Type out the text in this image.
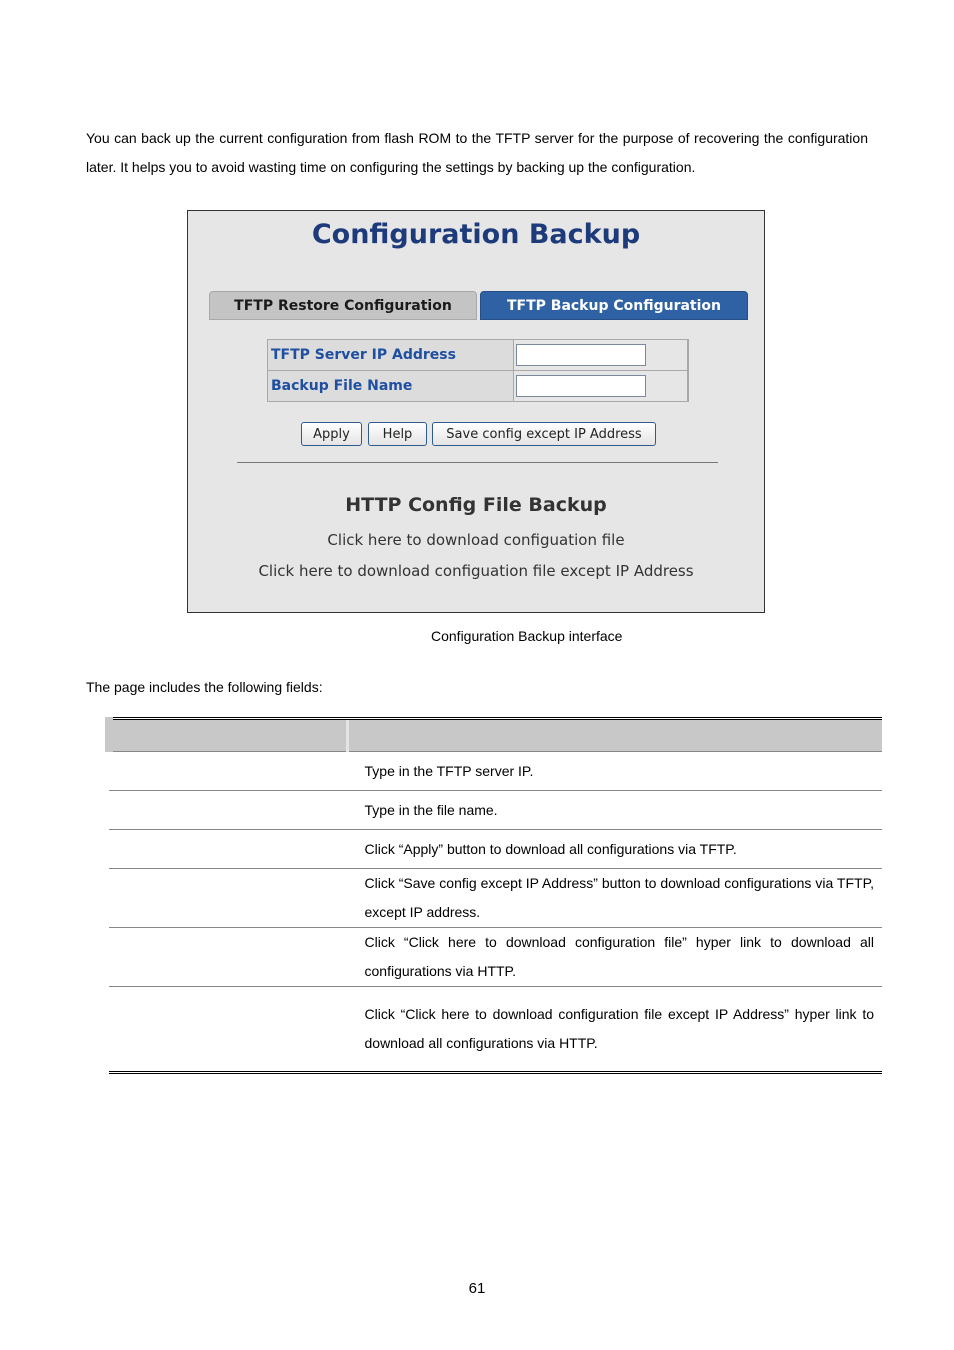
You can back up the current configuration from flash ROM to the TFTP server for the purpose of recovering the configuration later. It helps you to avoid wasting time on configuring the settings by backing up the configuration.

Configuration Backup
TFTP Restore Configuration	TFTP Backup Configuration
TFTP Server IP Address		
Backup File Name		
Apply	Help	Save config except IP Address
HTTP Config File Backup
Click here to download configuation file
Click here to download configuation file except IP Address

Configuration Backup interface

The page includes the following fields:

	Type in the TFTP server IP.
	Type in the file name.
	Click “Apply” button to download all configurations via TFTP.
	Click “Save config except IP Address” button to download configurations via TFTP, except IP address.
	Click “Click here to download configuration file” hyper link to download all configurations via HTTP.
	Click “Click here to download configuration file except IP Address” hyper link to download all configurations via HTTP.

61
